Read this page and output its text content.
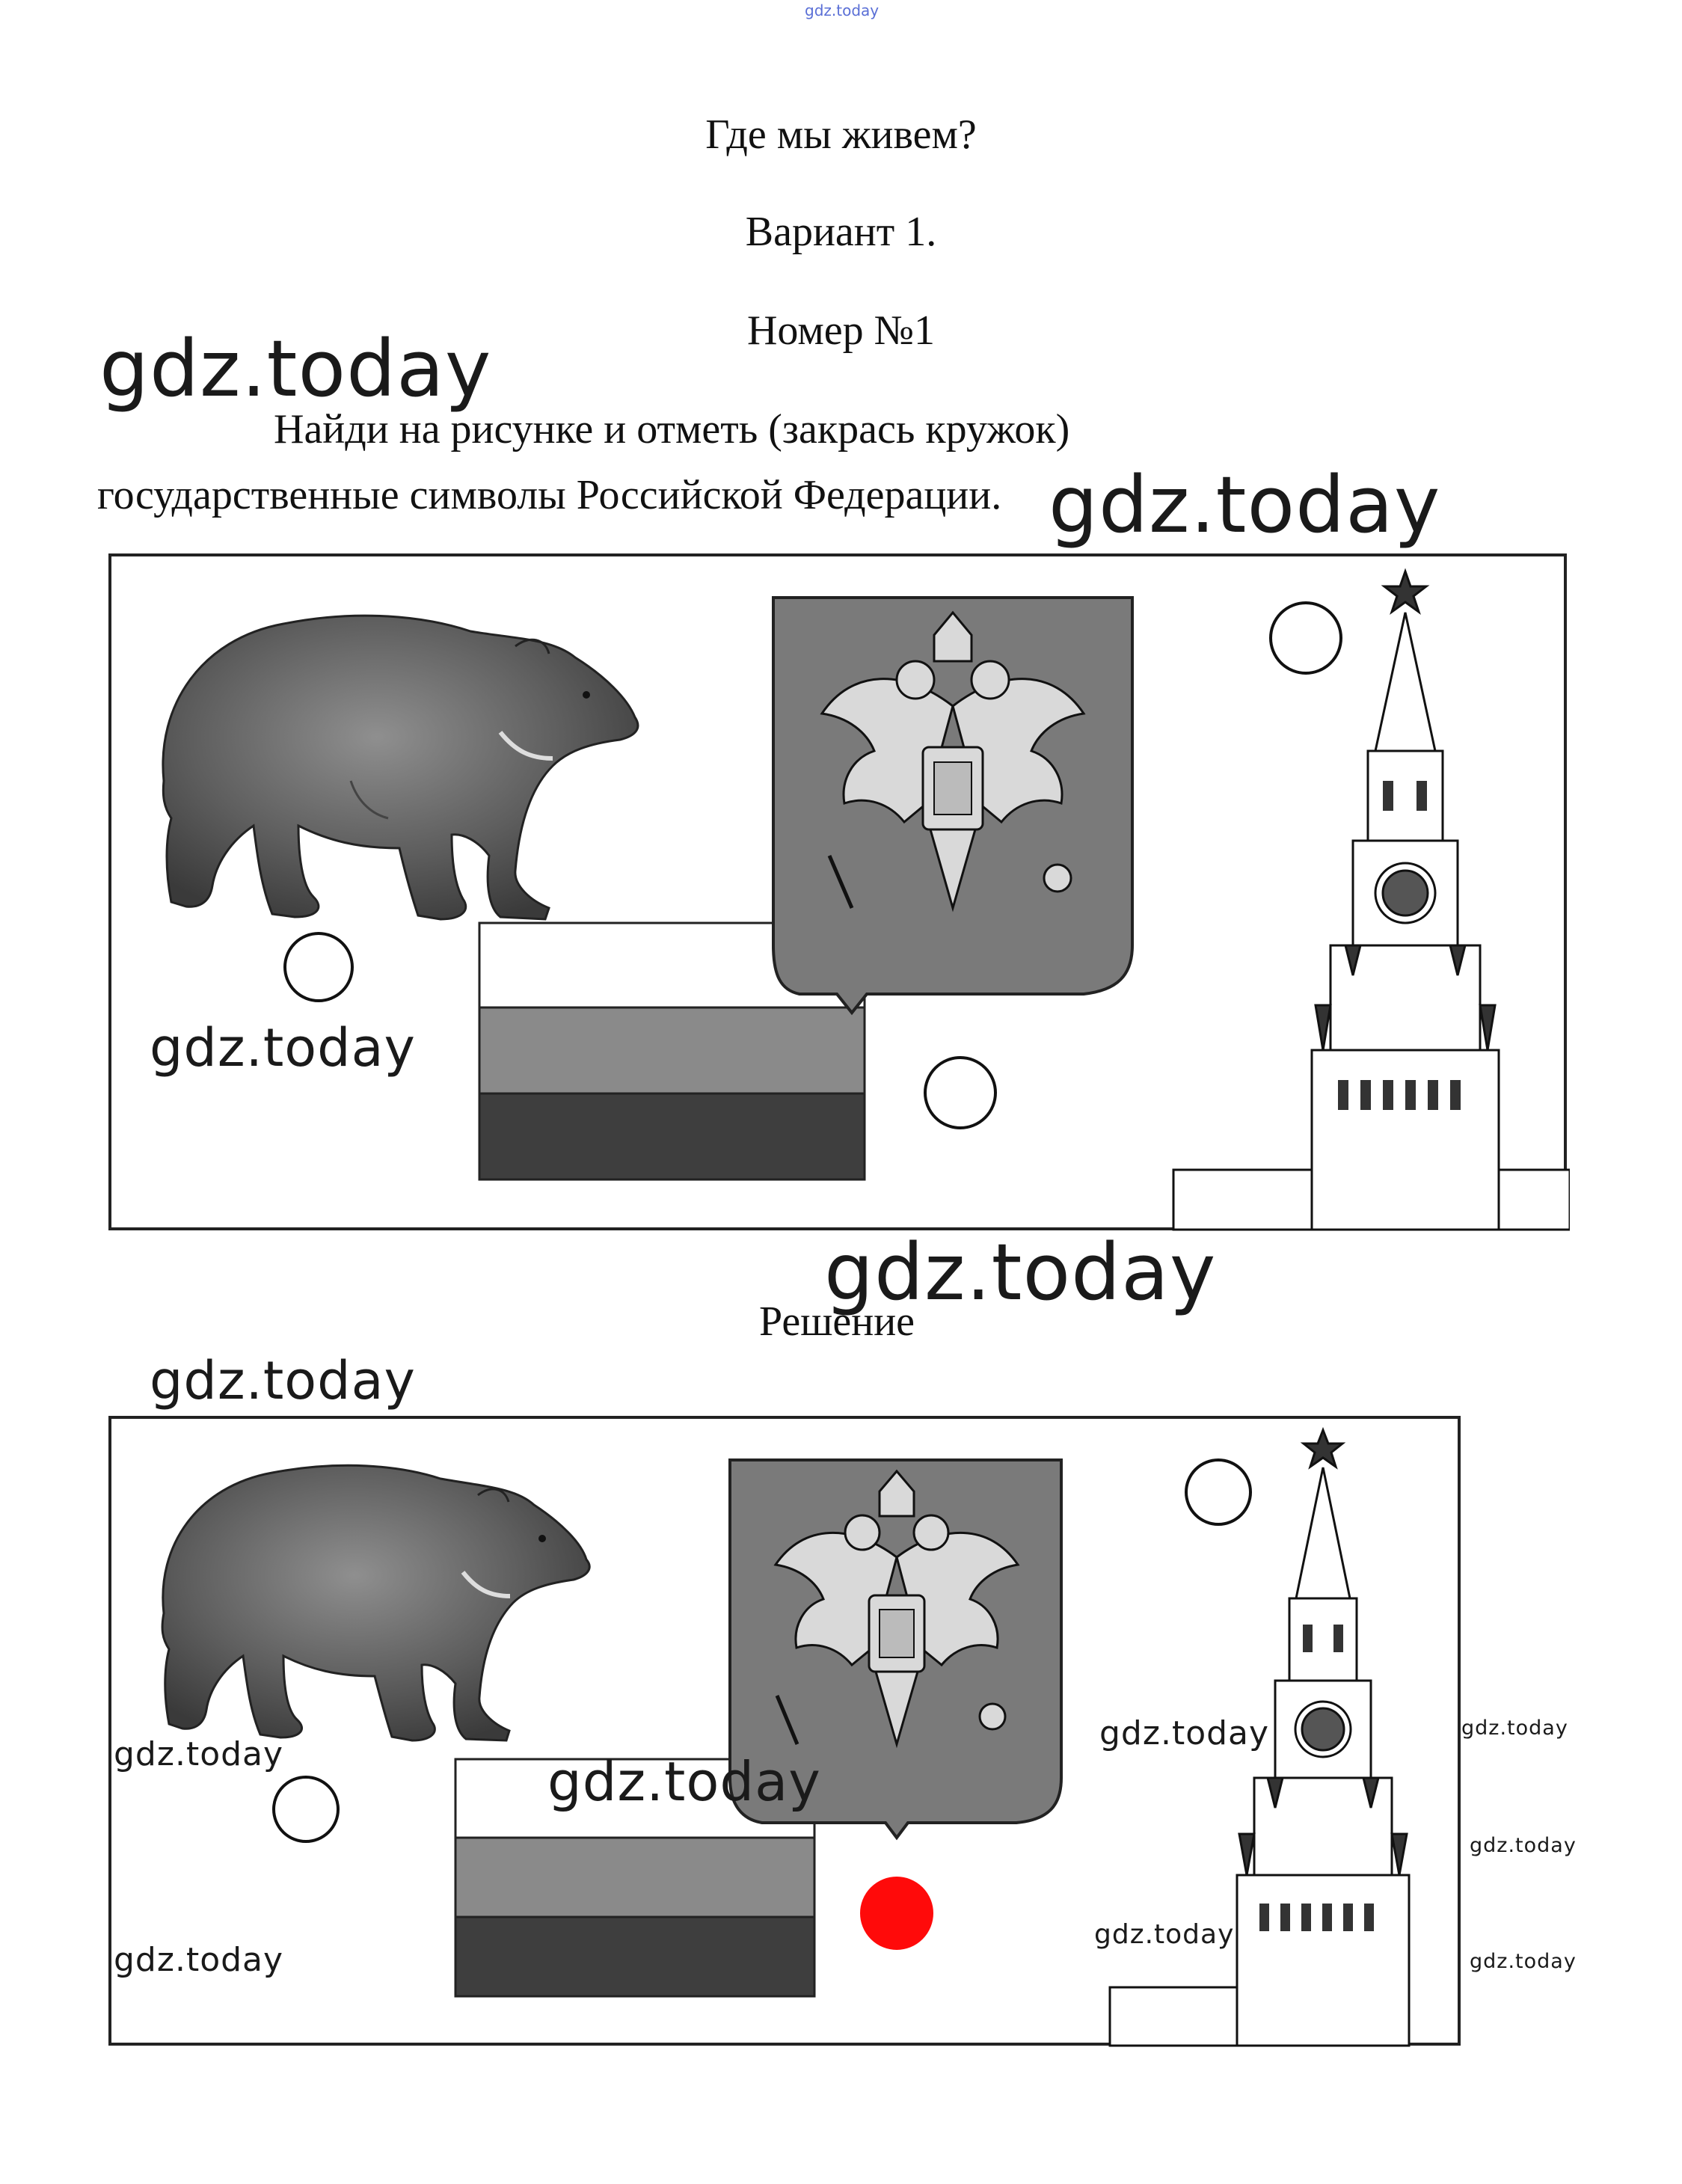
gdz.today
Где мы живем?
Вариант 1.
Номер №1
gdz.today
Найди на рисунке и отметь (закрась кружок)
государственные символы Российской Федерации. gdz.today
gdz.today
gdz.today
Решение
gdz.today
gdz.today	gdz.today
gdz.today	gdz.today
gdz.today
gdz.today
gdz.today
gdz.today
